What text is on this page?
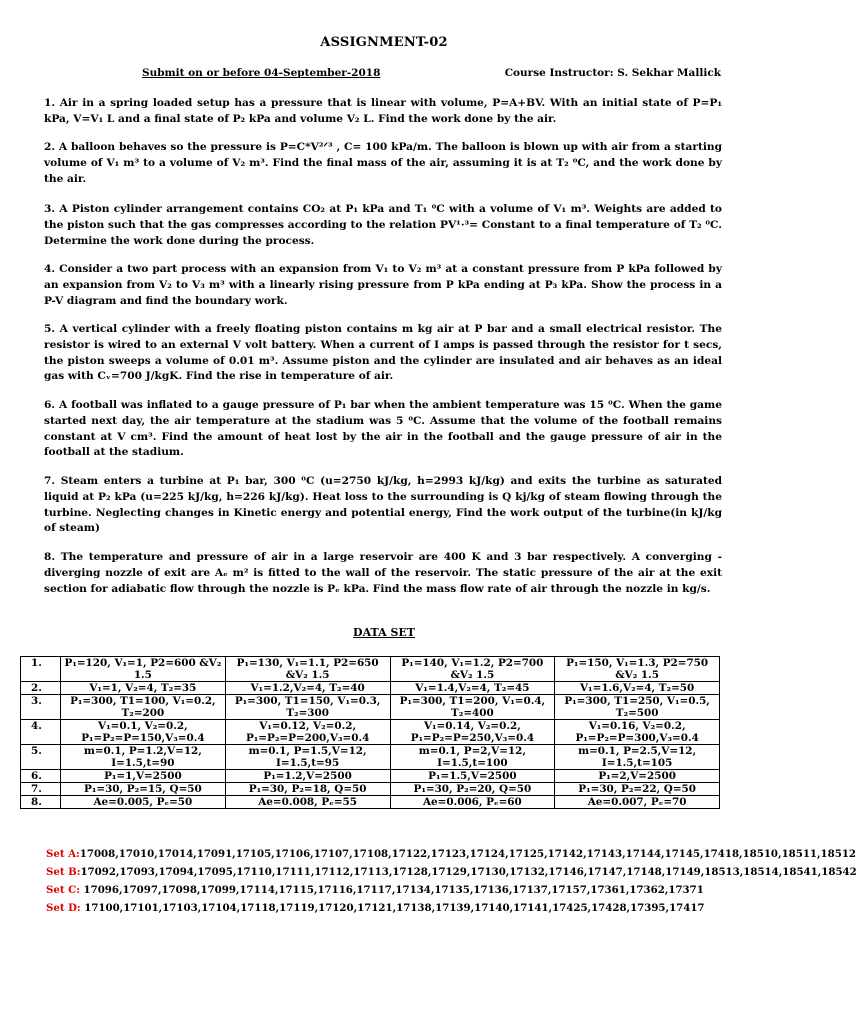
ASSIGNMENT-02
Submit on or before 04-September-2018	Course Instructor: S. Sekhar Mallick
1. Air in a spring loaded setup has a pressure that is linear with volume, P=A+BV. With an initial state of P=P₁ kPa, V=V₁ L and a final state of P₂ kPa and volume V₂ L. Find the work done by the air.
2. A balloon behaves so the pressure is P=C*V²ᐟ³ , C= 100 kPa/m. The balloon is blown up with air from a starting volume of V₁ m³ to a volume of V₂ m³. Find the final mass of the air, assuming it is at T₂ ⁰C, and the work done by the air.
3. A Piston cylinder arrangement contains CO₂ at P₁ kPa and T₁ ⁰C with a volume of V₁ m³. Weights are added to the piston such that the gas compresses according to the relation PV¹·³= Constant to a final temperature of T₂ ⁰C. Determine the work done during the process.
4. Consider a two part process with an expansion from V₁ to V₂ m³ at a constant pressure from P kPa followed by an expansion from V₂ to V₃ m³ with a linearly rising pressure from P kPa ending at P₃ kPa. Show the process in a P-V diagram and find the boundary work.
5. A vertical cylinder with a freely floating piston contains m kg air at P bar and a small electrical resistor. The resistor is wired to an external V volt battery. When a current of I amps is passed through the resistor for t secs, the piston sweeps a volume of 0.01 m³. Assume piston and the cylinder are insulated and air behaves as an ideal gas with Cᵥ=700 J/kgK. Find the rise in temperature of air.
6. A football was inflated to a gauge pressure of P₁ bar when the ambient temperature was 15 ⁰C. When the game started next day, the air temperature at the stadium was 5 ⁰C. Assume that the volume of the football remains constant at V cm³. Find the amount of heat lost by the air in the football and the gauge pressure of air in the football at the stadium.
7. Steam enters a turbine at P₁ bar, 300 ⁰C (u=2750 kJ/kg, h=2993 kJ/kg) and exits the turbine as saturated liquid at P₂ kPa (u=225 kJ/kg, h=226 kJ/kg). Heat loss to the surrounding is Q kj/kg of steam flowing through the turbine. Neglecting changes in Kinetic energy and potential energy, Find the work output of the turbine(in kJ/kg of steam)
8. The temperature and pressure of air in a large reservoir are 400 K and 3 bar respectively. A converging - diverging nozzle of exit are Aₑ m² is fitted to the wall of the reservoir. The static pressure of the air at the exit section for adiabatic flow through the nozzle is Pₑ kPa. Find the mass flow rate of air through the nozzle in kg/s.
DATA SET
1.	P₁=120, V₁=1, P2=600 &V₂ 1.5	P₁=130, V₁=1.1, P2=650 &V₂ 1.5	P₁=140, V₁=1.2, P2=700 &V₂ 1.5	P₁=150, V₁=1.3, P2=750 &V₂ 1.5
2.	V₁=1, V₂=4, T₂=35	V₁=1.2,V₂=4, T₂=40	V₁=1.4,V₂=4, T₂=45	V₁=1.6,V₂=4, T₂=50
3.	P₁=300, T1=100, V₁=0.2, T₂=200	P₁=300, T1=150, V₁=0.3, T₂=300	P₁=300, T1=200, V₁=0.4, T₂=400	P₁=300, T1=250, V₁=0.5, T₂=500
4.	V₁=0.1, V₂=0.2, P₁=P₂=P=150,V₃=0.4	V₁=0.12, V₂=0.2, P₁=P₂=P=200,V₃=0.4	V₁=0.14, V₂=0.2, P₁=P₂=P=250,V₃=0.4	V₁=0.16, V₂=0.2, P₁=P₂=P=300,V₃=0.4
5.	m=0.1, P=1.2,V=12, I=1.5,t=90	m=0.1, P=1.5,V=12, I=1.5,t=95	m=0.1, P=2,V=12, I=1.5,t=100	m=0.1, P=2.5,V=12, I=1.5,t=105
6.	P₁=1,V=2500	P₁=1.2,V=2500	P₁=1.5,V=2500	P₁=2,V=2500
7.	P₁=30, P₂=15, Q=50	P₁=30, P₂=18, Q=50	P₁=30, P₂=20, Q=50	P₁=30, P₂=22, Q=50
8.	Ae=0.005, Pₑ=50	Ae=0.008, Pₑ=55	Ae=0.006, Pₑ=60	Ae=0.007, Pₑ=70
Set A:17008,17010,17014,17091,17105,17106,17107,17108,17122,17123,17124,17125,17142,17143,17144,17145,17418,18510,18511,18512
Set B:17092,17093,17094,17095,17110,17111,17112,17113,17128,17129,17130,17132,17146,17147,17148,17149,18513,18514,18541,18542
Set C: 17096,17097,17098,17099,17114,17115,17116,17117,17134,17135,17136,17137,17157,17361,17362,17371
Set D: 17100,17101,17103,17104,17118,17119,17120,17121,17138,17139,17140,17141,17425,17428,17395,17417
